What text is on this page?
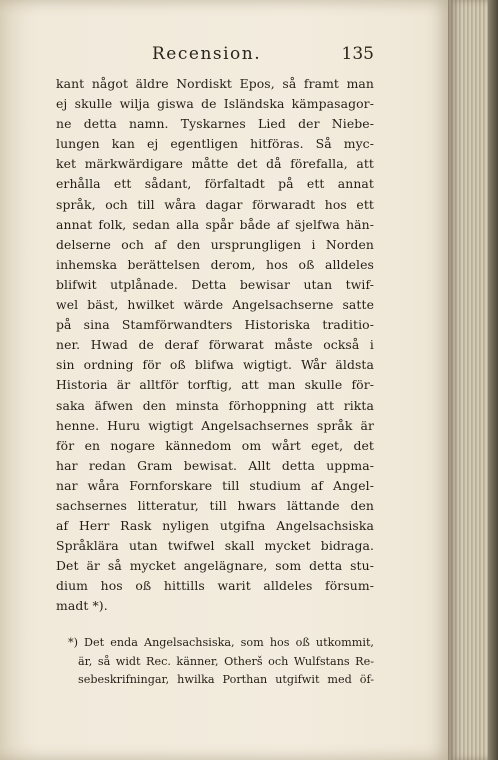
Recension.	135
kant något äldre Nordiskt Epos, så framt man
ej skulle wilja giswa de Isländska kämpasagor-
ne detta namn. Tyskarnes Lied der Niebe-
lungen kan ej egentligen hitföras. Så myc-
ket märkwärdigare måtte det då förefalla, att
erhålla ett sådant, förfaltadt på ett annat
språk, och till wåra dagar förwaradt hos ett
annat folk, sedan alla spår både af sjelfwa hän-
delserne och af den ursprungligen i Norden
inhemska berättelsen derom, hos oß alldeles
blifwit utplånade. Detta bewisar utan twif-
wel bäst, hwilket wärde Angelsachserne satte
på sina Stamförwandters Historiska traditio-
ner. Hwad de deraf förwarat måste också i
sin ordning för oß blifwa wigtigt. Wår äldsta
Historia är alltför torftig, att man skulle för-
saka äfwen den minsta förhoppning att rikta
henne. Huru wigtigt Angelsachsernes språk är
för en nogare kännedom om wårt eget, det
har redan Gram bewisat. Allt detta uppma-
nar wåra Fornforskare till studium af Angel-
sachsernes litteratur, till hwars lättande den
af Herr Rask nyligen utgifna Angelsachsiska
Språklära utan twifwel skall mycket bidraga.
Det är så mycket angelägnare, som detta stu-
dium hos oß hittills warit alldeles försum-
madt *).
*) Det enda Angelsachsiska, som hos oß utkommit,
är, så widt Rec. känner, Otherš och Wulfstans Re-
sebeskrifningar, hwilka Porthan utgifwit med öf-
